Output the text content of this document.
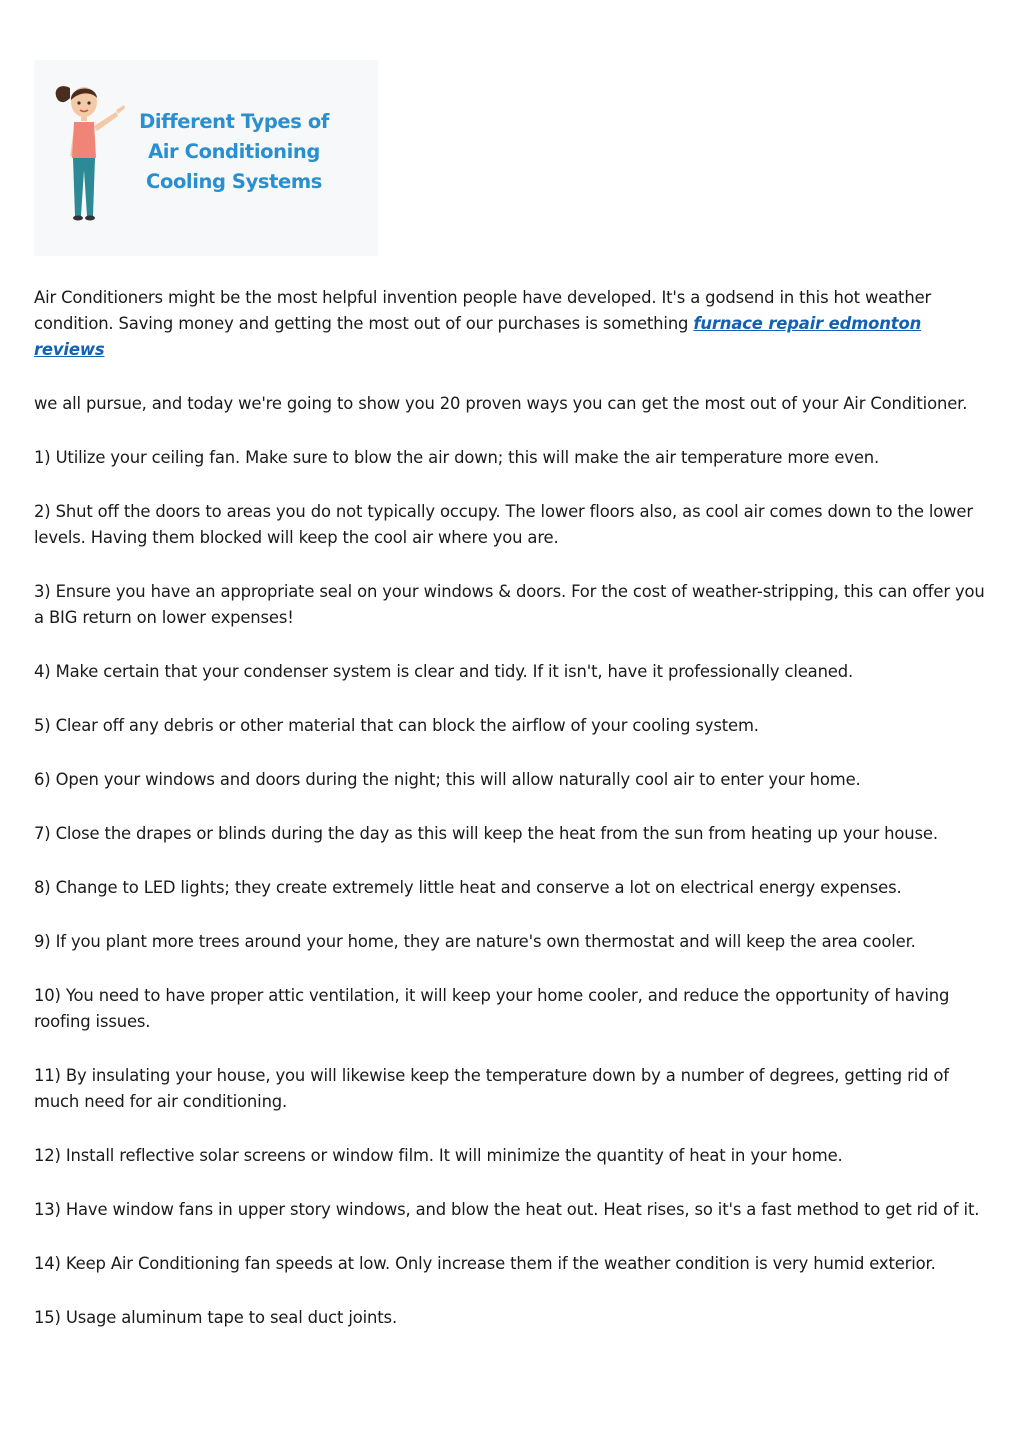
Different Types of
Air Conditioning
Cooling Systems

Air Conditioners might be the most helpful invention people have developed. It's a godsend in this hot weather condition. Saving money and getting the most out of our purchases is something furnace repair edmonton reviews

we all pursue, and today we're going to show you 20 proven ways you can get the most out of your Air Conditioner.

1) Utilize your ceiling fan. Make sure to blow the air down; this will make the air temperature more even.

2) Shut off the doors to areas you do not typically occupy. The lower floors also, as cool air comes down to the lower levels. Having them blocked will keep the cool air where you are.

3) Ensure you have an appropriate seal on your windows & doors. For the cost of weather-stripping, this can offer you a BIG return on lower expenses!

4) Make certain that your condenser system is clear and tidy. If it isn't, have it professionally cleaned.

5) Clear off any debris or other material that can block the airflow of your cooling system.

6) Open your windows and doors during the night; this will allow naturally cool air to enter your home.

7) Close the drapes or blinds during the day as this will keep the heat from the sun from heating up your house.

8) Change to LED lights; they create extremely little heat and conserve a lot on electrical energy expenses.

9) If you plant more trees around your home, they are nature's own thermostat and will keep the area cooler.

10) You need to have proper attic ventilation, it will keep your home cooler, and reduce the opportunity of having roofing issues.

11) By insulating your house, you will likewise keep the temperature down by a number of degrees, getting rid of much need for air conditioning.

12) Install reflective solar screens or window film. It will minimize the quantity of heat in your home.

13) Have window fans in upper story windows, and blow the heat out. Heat rises, so it's a fast method to get rid of it.

14) Keep Air Conditioning fan speeds at low. Only increase them if the weather condition is very humid exterior.

15) Usage aluminum tape to seal duct joints.
